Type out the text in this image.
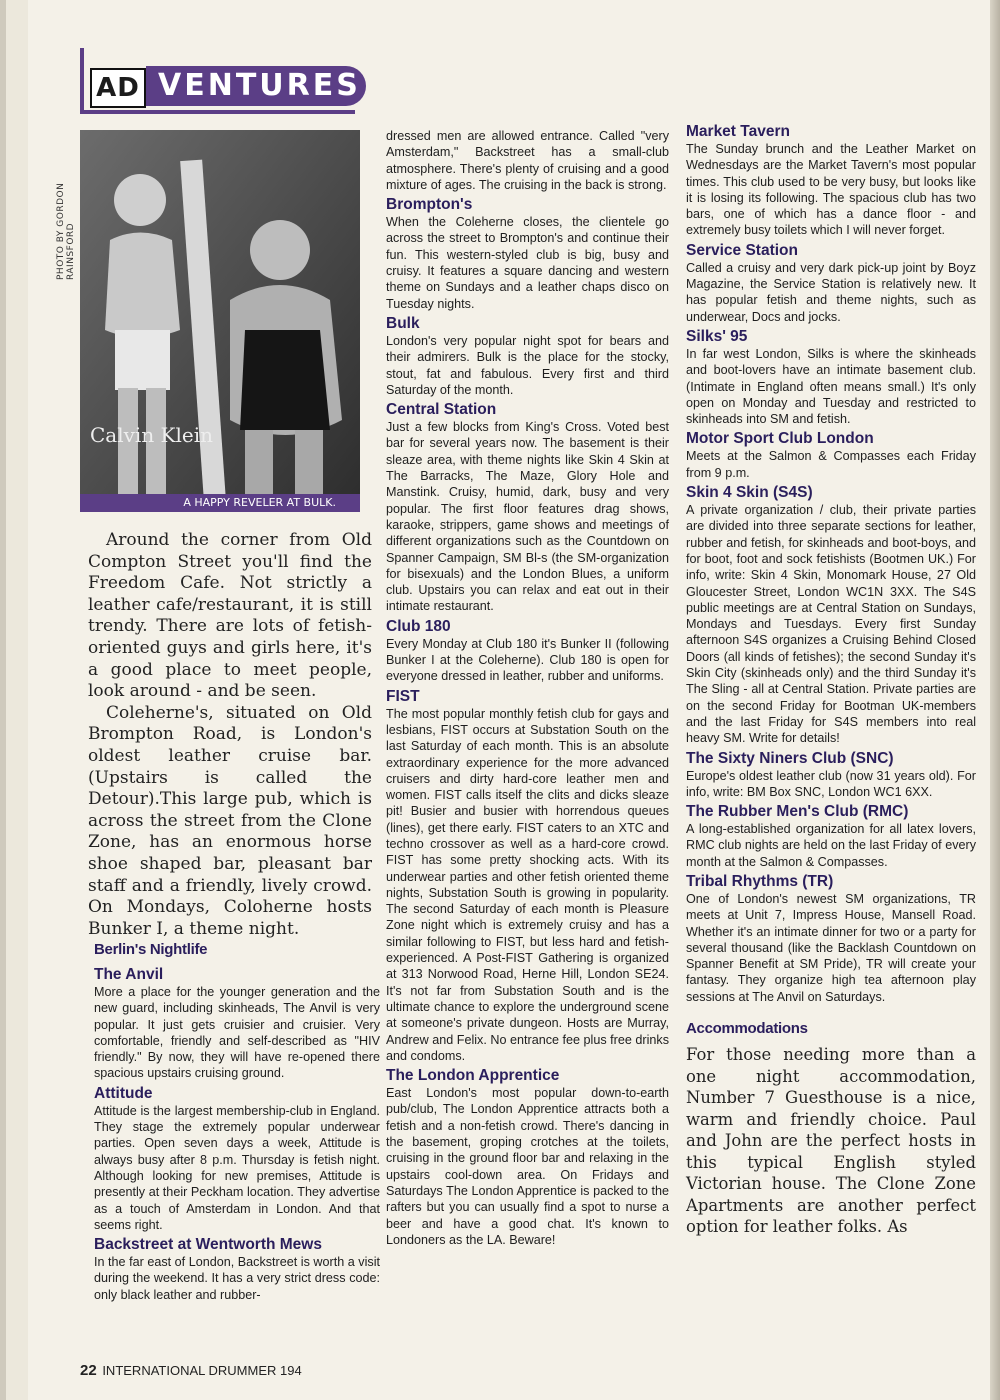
AD VENTURES
PHOTO BY GORDON RAINSFORD
Calvin Klein
A HAPPY REVELER AT BULK.

Around the corner from Old Compton Street you'll find the Freedom Cafe. Not strictly a leather cafe/restaurant, it is still trendy. There are lots of fetish-oriented guys and girls here, it's a good place to meet people, look around - and be seen.

Coleherne's, situated on Old Brompton Road, is London's oldest leather cruise bar. (Upstairs is called the Detour).This large pub, which is across the street from the Clone Zone, has an enormous horse shoe shaped bar, pleasant bar staff and a friendly, lively crowd. On Mondays, Coloherne hosts Bunker I, a theme night.

Berlin's Nightlife
The Anvil

More a place for the younger generation and the new guard, including skinheads, The Anvil is very popular. It just gets cruisier and cruisier. Very comfortable, friendly and self-described as "HIV friendly." By now, they will have re-opened there spacious upstairs cruising ground.

Attitude

Attitude is the largest membership-club in England. They stage the extremely popular underwear parties. Open seven days a week, Attitude is always busy after 8 p.m. Thursday is fetish night. Although looking for new premises, Attitude is presently at their Peckham location. They advertise as a touch of Amsterdam in London. And that seems right.

Backstreet at Wentworth Mews

In the far east of London, Backstreet is worth a visit during the weekend. It has a very strict dress code: only black leather and rubber-

dressed men are allowed entrance. Called "very Amsterdam," Backstreet has a small-club atmosphere. There's plenty of cruising and a good mixture of ages. The cruising in the back is strong.

Brompton's

When the Coleherne closes, the clientele go across the street to Brompton's and continue their fun. This western-styled club is big, busy and cruisy. It features a square dancing and western theme on Sundays and a leather chaps disco on Tuesday nights.

Bulk

London's very popular night spot for bears and their admirers. Bulk is the place for the stocky, stout, fat and fabulous. Every first and third Saturday of the month.

Central Station

Just a few blocks from King's Cross. Voted best bar for several years now. The basement is their sleaze area, with theme nights like Skin 4 Skin at The Barracks, The Maze, Glory Hole and Manstink. Cruisy, humid, dark, busy and very popular. The first floor features drag shows, karaoke, strippers, game shows and meetings of different organizations such as the Countdown on Spanner Campaign, SM Bl-s (the SM-organization for bisexuals) and the London Blues, a uniform club. Upstairs you can relax and eat out in their intimate restaurant.

Club 180

Every Monday at Club 180 it's Bunker II (following Bunker I at the Coleherne). Club 180 is open for everyone dressed in leather, rubber and uniforms.

FIST

The most popular monthly fetish club for gays and lesbians, FIST occurs at Substation South on the last Saturday of each month. This is an absolute extraordinary experience for the more advanced cruisers and dirty hard-core leather men and women. FIST calls itself the clits and dicks sleaze pit! Busier and busier with horrendous queues (lines), get there early. FIST caters to an XTC and techno crossover as well as a hard-core crowd. FIST has some pretty shocking acts. With its underwear parties and other fetish oriented theme nights, Substation South is growing in popularity. The second Saturday of each month is Pleasure Zone night which is extremely cruisy and has a similar following to FIST, but less hard and fetish-experienced. A Post-FIST Gathering is organized at 313 Norwood Road, Herne Hill, London SE24. It's not far from Substation South and is the ultimate chance to explore the underground scene at someone's private dungeon. Hosts are Murray, Andrew and Felix. No entrance fee plus free drinks and condoms.

The London Apprentice

East London's most popular down-to-earth pub/club, The London Apprentice attracts both a fetish and a non-fetish crowd. There's dancing in the basement, groping crotches at the toilets, cruising in the ground floor bar and relaxing in the upstairs cool-down area. On Fridays and Saturdays The London Apprentice is packed to the rafters but you can usually find a spot to nurse a beer and have a good chat. It's known to Londoners as the LA. Beware!

Market Tavern

The Sunday brunch and the Leather Market on Wednesdays are the Market Tavern's most popular times. This club used to be very busy, but looks like it is losing its following. The spacious club has two bars, one of which has a dance floor - and extremely busy toilets which I will never forget.

Service Station

Called a cruisy and very dark pick-up joint by Boyz Magazine, the Service Station is relatively new. It has popular fetish and theme nights, such as underwear, Docs and jocks.

Silks' 95

In far west London, Silks is where the skinheads and boot-lovers have an intimate basement club. (Intimate in England often means small.) It's only open on Monday and Tuesday and restricted to skinheads into SM and fetish.

Motor Sport Club London

Meets at the Salmon & Compasses each Friday from 9 p.m.

Skin 4 Skin (S4S)

A private organization / club, their private parties are divided into three separate sections for leather, rubber and fetish, for skinheads and boot-boys, and for boot, foot and sock fetishists (Bootmen UK.) For info, write: Skin 4 Skin, Monomark House, 27 Old Gloucester Street, London WC1N 3XX. The S4S public meetings are at Central Station on Sundays, Mondays and Tuesdays. Every first Sunday afternoon S4S organizes a Cruising Behind Closed Doors (all kinds of fetishes); the second Sunday it's Skin City (skinheads only) and the third Sunday it's The Sling - all at Central Station. Private parties are on the second Friday for Bootman UK-members and the last Friday for S4S members into real heavy SM. Write for details!

The Sixty Niners Club (SNC)

Europe's oldest leather club (now 31 years old). For info, write: BM Box SNC, London WC1 6XX.

The Rubber Men's Club (RMC)

A long-established organization for all latex lovers, RMC club nights are held on the last Friday of every month at the Salmon & Compasses.

Tribal Rhythms (TR)

One of London's newest SM organizations, TR meets at Unit 7, Impress House, Mansell Road. Whether it's an intimate dinner for two or a party for several thousand (like the Backlash Countdown on Spanner Benefit at SM Pride), TR will create your fantasy. They organize high tea afternoon play sessions at The Anvil on Saturdays.

Accommodations

For those needing more than a one night accommodation, Number 7 Guesthouse is a nice, warm and friendly choice. Paul and John are the perfect hosts in this typical English styled Victorian house. The Clone Zone Apartments are another perfect option for leather folks. As

22 INTERNATIONAL DRUMMER 194
